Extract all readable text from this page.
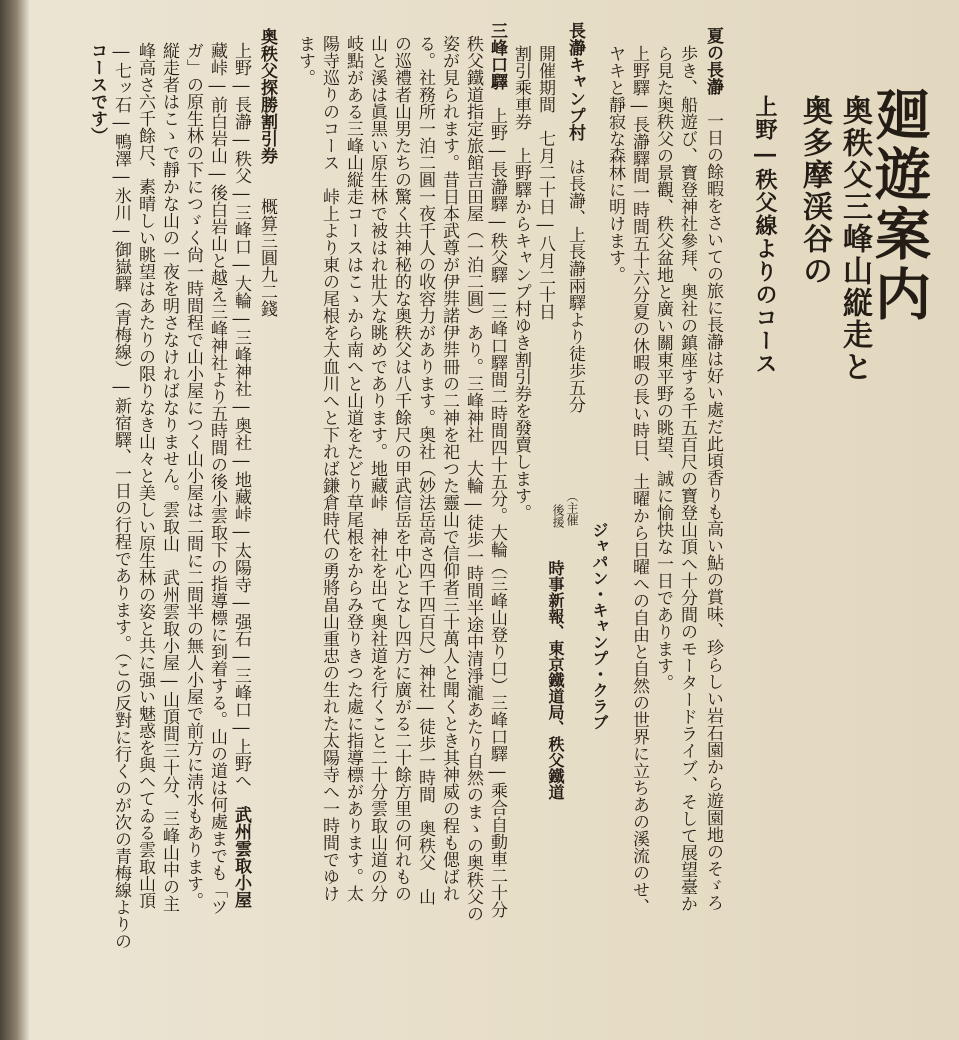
廻遊案内
奥秩父三峰山縦走と
奥多摩渓谷の
上野―秩父線よりのコース
夏の長瀞　一日の餘暇をさいての旅に長瀞は好い處だ此頃香りも高い鮎の賞味、珍らしい岩石園から遊園地のそゞろ
歩き、船遊び、寶登神社參拜、奥社の鎮座する千五百尺の寶登山頂へ十分間のモータードライブ、そして展望臺か
ら見た奥秩父の景觀、秩父盆地と廣い關東平野の眺望、誠に愉快な一日であります。
上野驛―長瀞驛間一時間五十六分夏の休暇の長い時日、土曜から日曜への自由と自然の世界に立ちあの溪流のせ、
ヤキと靜寂な森林に明けます。
長瀞キャンプ村　は長瀞、上長瀞兩驛より徒歩五分
（主催
後援
ジャパン・キャンプ・クラブ
時事新報、東京鐵道局、秩父鐵道
開催期間　七月二十日―八月二十日
割引乘車券　上野驛からキャンプ村ゆき割引券を發賣します。
三峰口驛　上野―長瀞驛―秩父驛―三峰口驛間二時間四十五分。大輪（三峰山登り口）三峰口驛―乘合自動車二十分
秩父鐵道指定旅館吉田屋（一泊二圓）あり。三峰神社　大輪―徒歩一時間半途中清淨瀧あたり自然のまゝの奥秩父の
姿が見られます。昔日本武尊が伊弉諾伊弉冊の二神を祀つた靈山で信仰者三十萬人と聞くとき其神威の程も偲ばれ
る。社務所一泊二圓一夜千人の收容力があります。奥社（妙法岳高さ四千四百尺）神社―徒歩一時間　奥秩父　山
の巡禮者山男たちの驚く共神秘的な奥秩父は八千餘尺の甲武信岳を中心となし四方に廣がる二十餘方里の何れもの
山と溪は眞黒い原生林で被はれ壯大な眺めであります。地藏峠　神社を出て奥社道を行くこと二十分雲取山道の分
岐點がある三峰山縦走コースはこゝから南へと山道をたどり草尾根をからみ登りきつた處に指導標があります。太
陽寺巡りのコース　峠上より東の尾根を大血川へと下れば鎌倉時代の勇將畠山重忠の生れた太陽寺へ一時間でゆけ
ます。
奥秩父探勝割引券　　概算三圓九二錢
上野―長瀞―秩父―三峰口―大輪―三峰神社―奥社―地藏峠―太陽寺―强石―三峰口―上野へ　武州雲取小屋
藏峠―前白岩山―後白岩山と越え三峰神社より五時間の後小雲取下の指導標に到着する。山の道は何處までも「ツ
ガ」の原生林の下につゞく尙一時間程で山小屋につく山小屋は二間に二間半の無人小屋で前方に淸水もあります。
縦走者はこゝで靜かな山の一夜を明さなければなりません。雲取山　武州雲取小屋―山頂間三十分、三峰山中の主
峰高さ六千餘尺、素晴しい眺望はあたりの限りなき山々と美しい原生林の姿と共に强い魅惑を與へてゐる雲取山頂
―七ッ石―鴨澤―氷川―御嶽驛（青梅線）―新宿驛、一日の行程であります。（この反對に行くのが次の青梅線よりの
コースです）
